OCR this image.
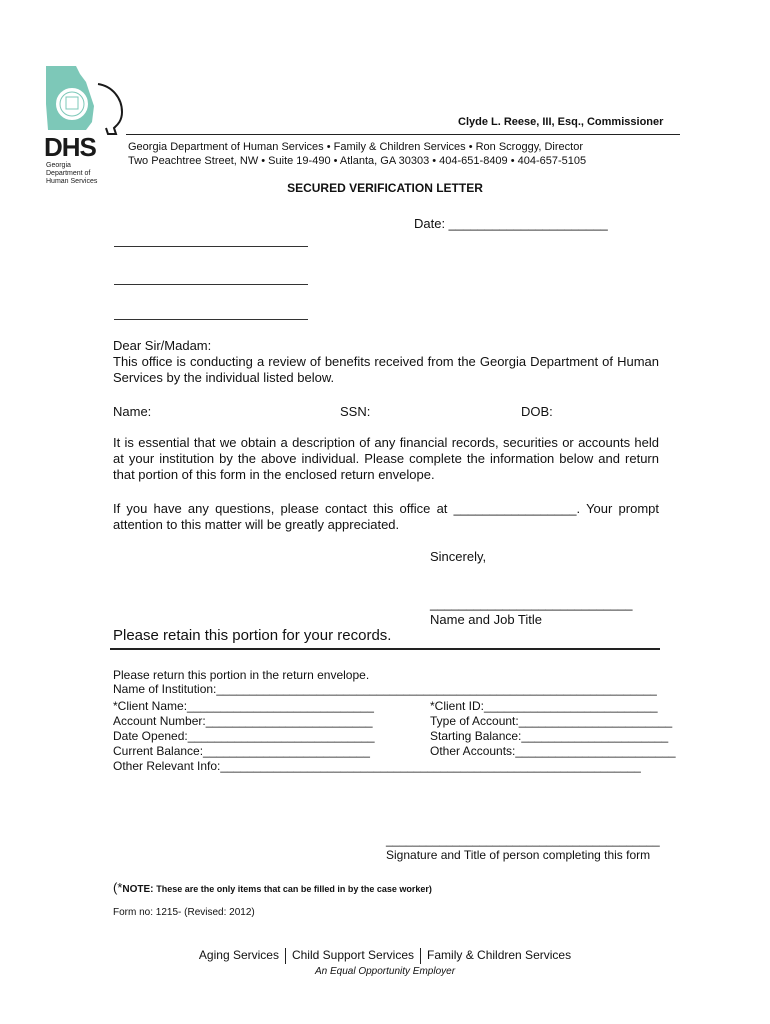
DHS
Georgia Department of Human Services
Clyde L. Reese, III, Esq., Commissioner
Georgia Department of Human Services • Family & Children Services • Ron Scroggy, Director
Two Peachtree Street, NW • Suite 19-490 • Atlanta, GA 30303 • 404-651-8409 • 404-657-5105
SECURED VERIFICATION LETTER
Date: ______________________
Dear Sir/Madam:
This office is conducting a review of benefits received from the Georgia Department of Human Services by the individual listed below.
Name:	SSN:	DOB:
It is essential that we obtain a description of any financial records, securities or accounts held at your institution by the above individual. Please complete the information below and return that portion of this form in the enclosed return envelope.
If you have any questions, please contact this office at _________________. Your prompt attention to this matter will be greatly appreciated.
Sincerely,
____________________________
Name and Job Title
Please retain this portion for your records.
Please return this portion in the return envelope.
Name of Institution:__________________________________________________________________
*Client Name:____________________________
Account Number:_________________________
Date Opened:____________________________
Current Balance:_________________________
*Client ID:__________________________
Type of Account:_______________________
Starting Balance:______________________
Other Accounts:________________________
Other Relevant Info:_______________________________________________________________
_________________________________________
Signature and Title of person completing this form
(*NOTE: These are the only items that can be filled in by the case worker)
Form no: 1215- (Revised: 2012)
Aging Services Child Support Services Family & Children Services
An Equal Opportunity Employer
